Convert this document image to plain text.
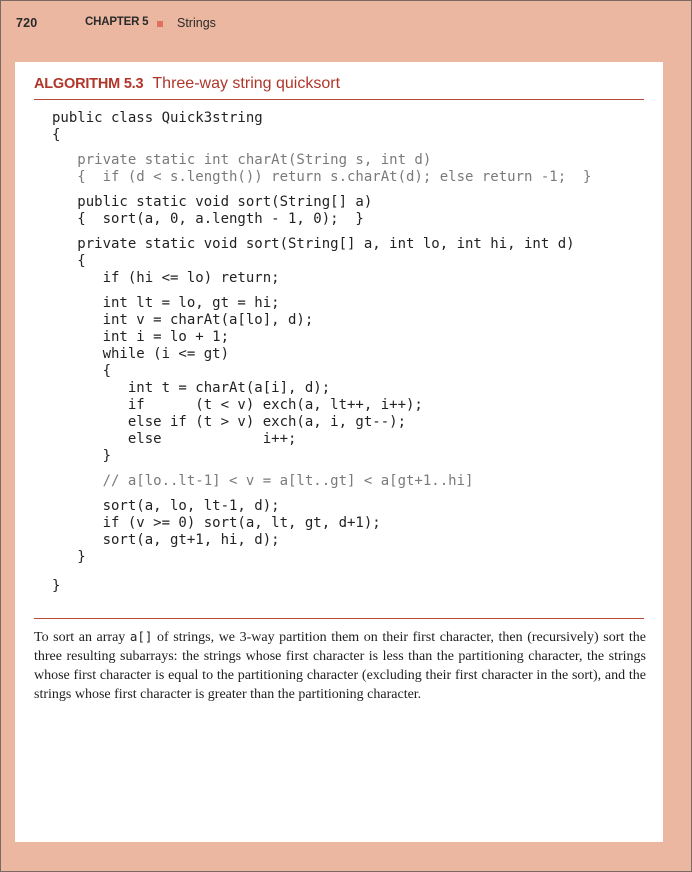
720	CHAPTER 5 Strings
ALGORITHM 5.3 Three-way string quicksort
public class Quick3string
{
private static int charAt(String s, int d)
{  if (d < s.length()) return s.charAt(d); else return -1;  }
public static void sort(String[] a)
{  sort(a, 0, a.length - 1, 0);  }
private static void sort(String[] a, int lo, int hi, int d)
{
if (hi <= lo) return;
int lt = lo, gt = hi;
int v = charAt(a[lo], d);
int i = lo + 1;
while (i <= gt)
{
int t = charAt(a[i], d);
if      (t < v) exch(a, lt++, i++);
else if (t > v) exch(a, i, gt--);
else            i++;
}
// a[lo..lt-1] < v = a[lt..gt] < a[gt+1..hi]
sort(a, lo, lt-1, d);
if (v >= 0) sort(a, lt, gt, d+1);
sort(a, gt+1, hi, d);
}
}

To sort an array a[] of strings, we 3-way partition them on their first character, then (recursively) sort the three resulting subarrays: the strings whose first character is less than the partitioning character, the strings whose first character is equal to the partitioning character (excluding their first character in the sort), and the strings whose first character is greater than the partitioning character.
